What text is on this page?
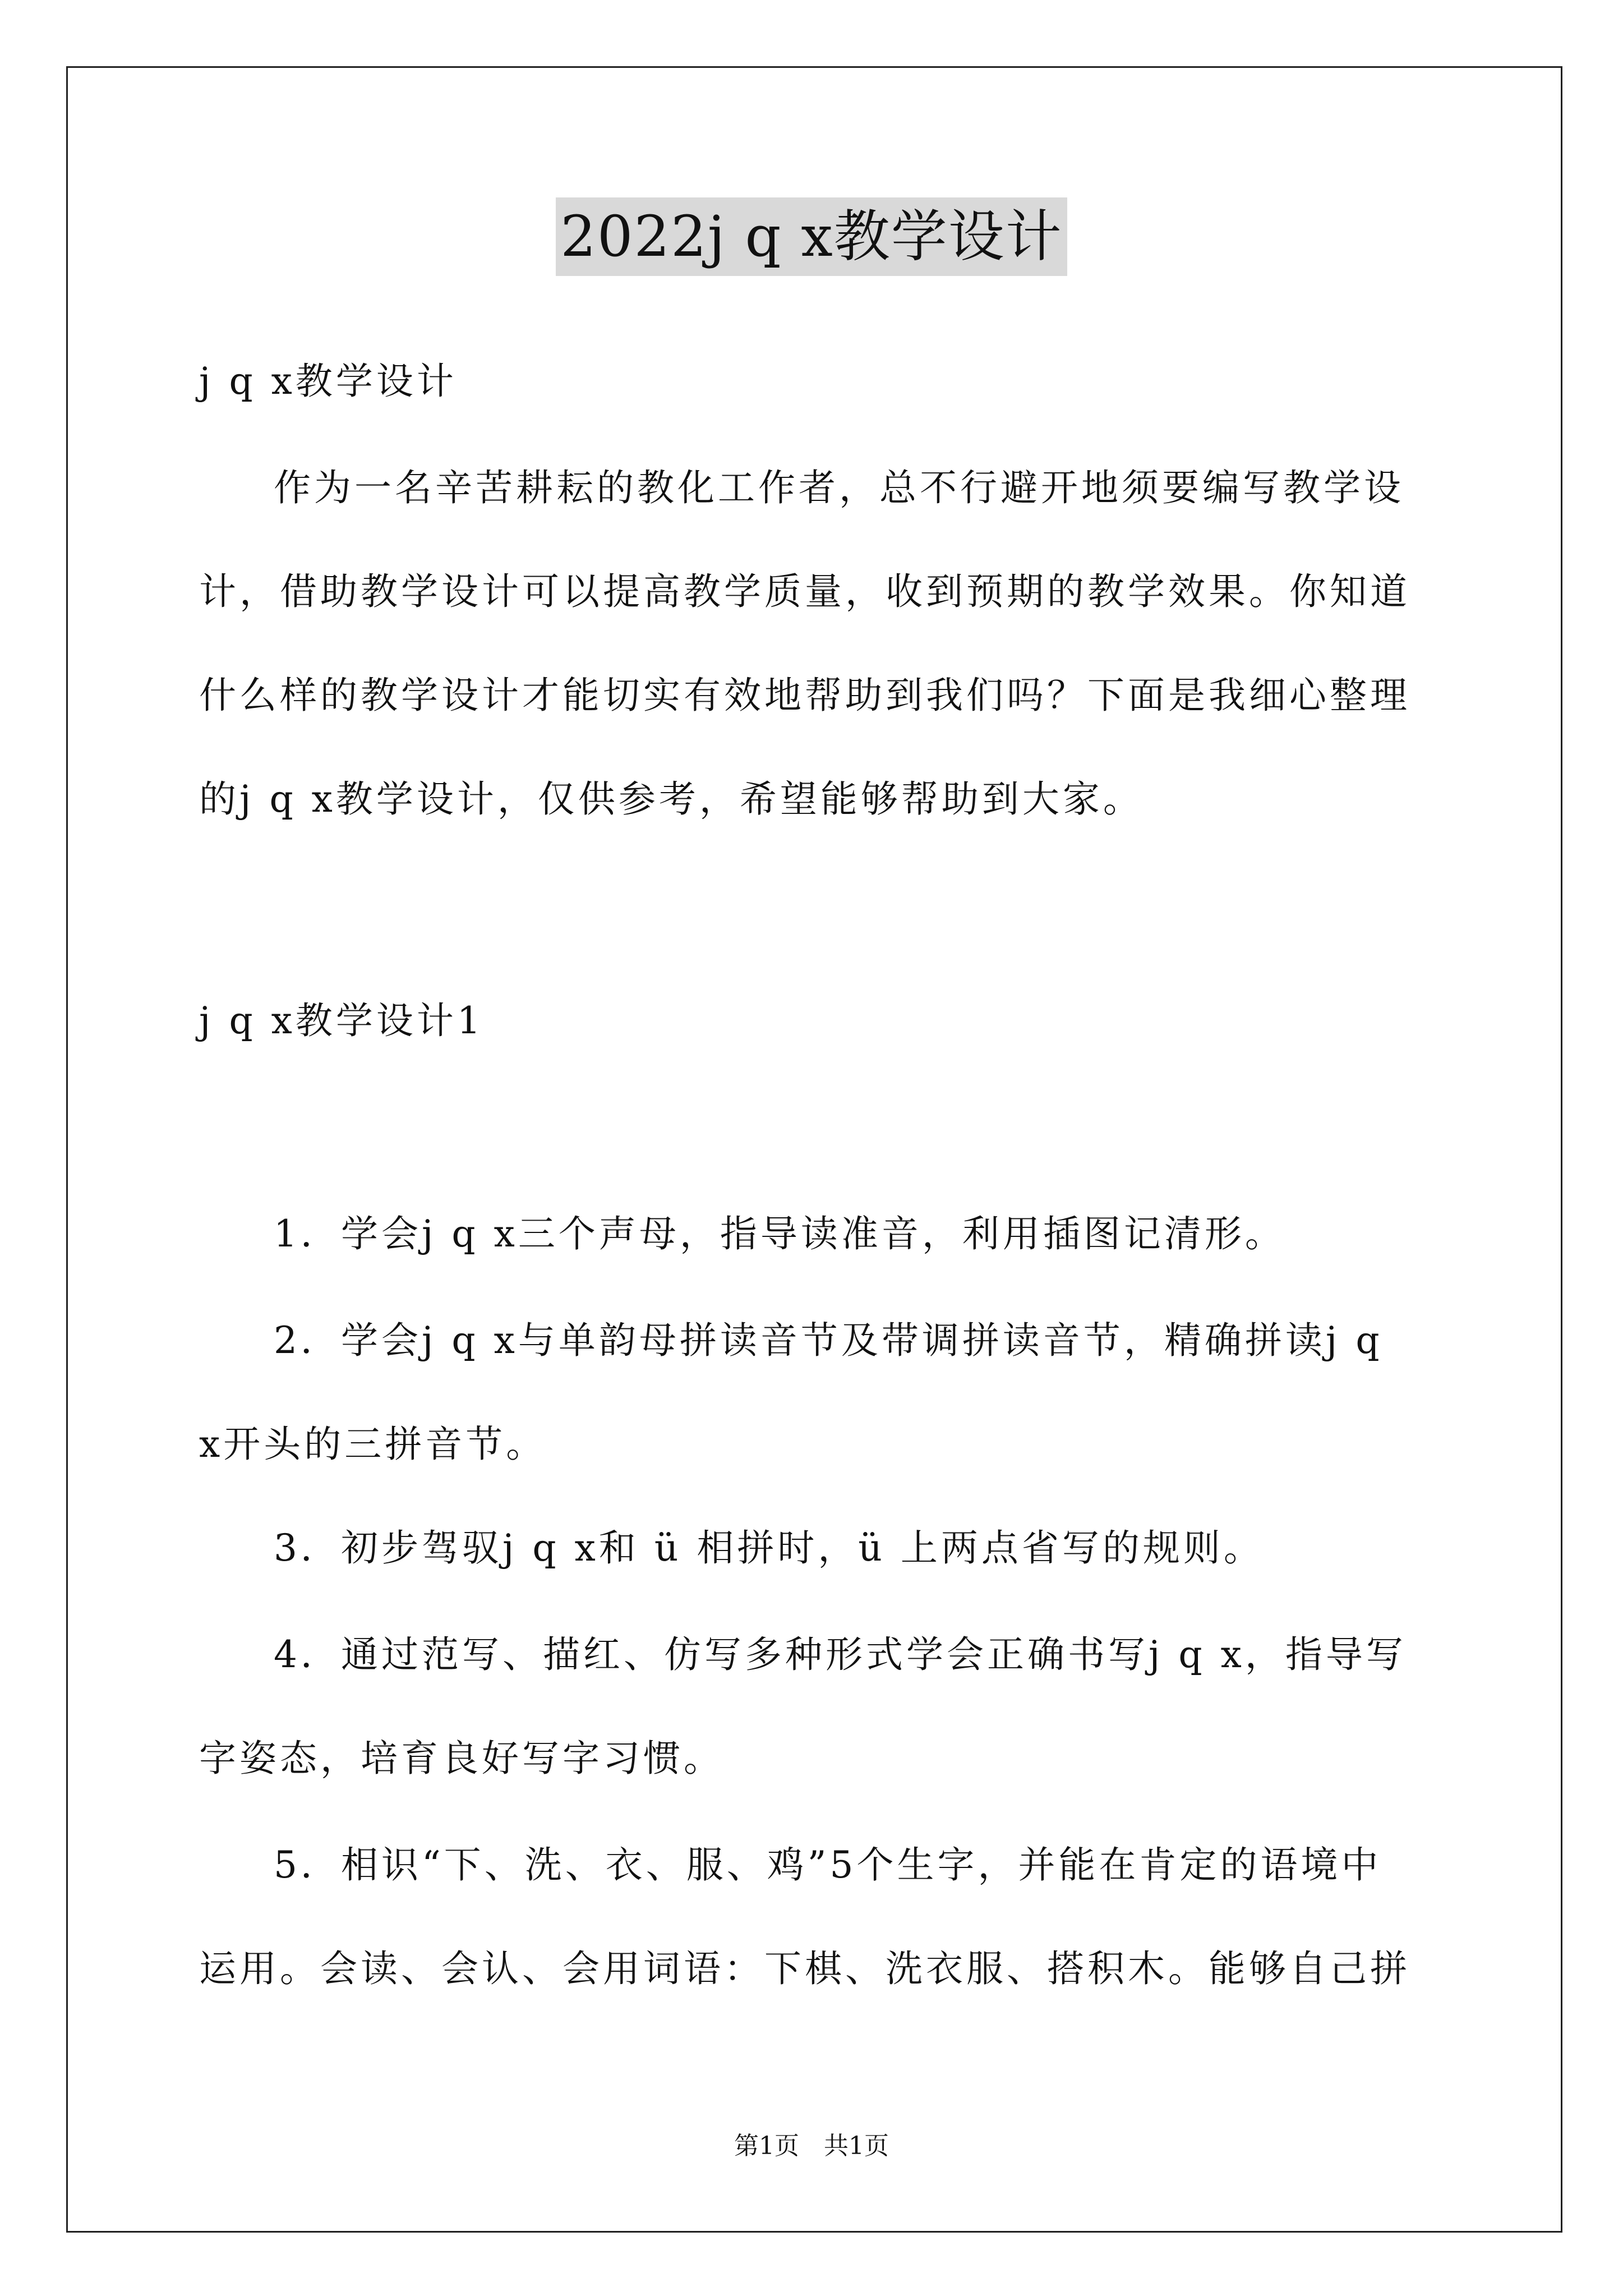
2022j q x教学设计
j q x教学设计
作为一名辛苦耕耘的教化工作者，总不行避开地须要编写教学设
计，借助教学设计可以提高教学质量，收到预期的教学效果。你知道
什么样的教学设计才能切实有效地帮助到我们吗？下面是我细心整理
的j q x教学设计，仅供参考，希望能够帮助到大家。
j q x教学设计1
1．学会j q x三个声母，指导读准音，利用插图记清形。
2．学会j q x与单韵母拼读音节及带调拼读音节，精确拼读j q
x开头的三拼音节。
3．初步驾驭j q x和 ü 相拼时，ü 上两点省写的规则。
4．通过范写、描红、仿写多种形式学会正确书写j q x，指导写
字姿态，培育良好写字习惯。
5．相识“下、洗、衣、服、鸡”5个生字，并能在肯定的语境中
运用。会读、会认、会用词语：下棋、洗衣服、搭积木。能够自己拼
第1页　共1页
